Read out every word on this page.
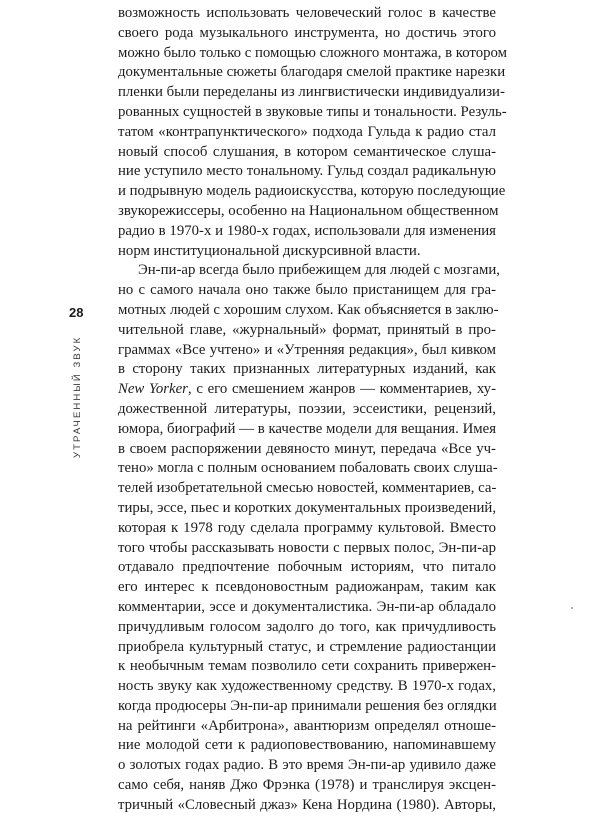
28
УТРАЧЕННЫЙ ЗВУК
возможность использовать человеческий голос в качестве
своего рода музыкального инструмента, но достичь этого
можно было только с помощью сложного монтажа, в котором
документальные сюжеты благодаря смелой практике нарезки
пленки были переделаны из лингвистически индивидуализи-
рованных сущностей в звуковые типы и тональности. Резуль-
татом «контрапунктического» подхода Гульда к радио стал
новый способ слушания, в котором семантическое слуша-
ние уступило место тональному. Гульд создал радикальную
и подрывную модель радиоискусства, которую последующие
звукорежиссеры, особенно на Национальном общественном
радио в 1970-х и 1980-х годах, использовали для изменения
норм институциональной дискурсивной власти.
Эн-пи-ар всегда было прибежищем для людей с мозгами,
но с самого начала оно также было пристанищем для гра-
мотных людей с хорошим слухом. Как объясняется в заклю-
чительной главе, «журнальный» формат, принятый в про-
граммах «Все учтено» и «Утренняя редакция», был кивком
в сторону таких признанных литературных изданий, как
New Yorker, с его смешением жанров — комментариев, ху-
дожественной литературы, поэзии, эссеистики, рецензий,
юмора, биографий — в качестве модели для вещания. Имея
в своем распоряжении девяносто минут, передача «Все уч-
тено» могла с полным основанием побаловать своих слуша-
телей изобретательной смесью новостей, комментариев, са-
тиры, эссе, пьес и коротких документальных произведений,
которая к 1978 году сделала программу культовой. Вместо
того чтобы рассказывать новости с первых полос, Эн-пи-ар
отдавало предпочтение побочным историям, что питало
его интерес к псевдоновостным радиожанрам, таким как
комментарии, эссе и документалистика. Эн-пи-ар обладало
причудливым голосом задолго до того, как причудливость
приобрела культурный статус, и стремление радиостанции
к необычным темам позволило сети сохранить привержен-
ность звуку как художественному средству. В 1970-х годах,
когда продюсеры Эн-пи-ар принимали решения без оглядки
на рейтинги «Арбитрона», авантюризм определял отноше-
ние молодой сети к радиоповествованию, напоминавшему
о золотых годах радио. В это время Эн-пи-ар удивило даже
само себя, наняв Джо Фрэнка (1978) и транслируя эксцен-
тричный «Словесный джаз» Кена Нордина (1980). Авторы,
